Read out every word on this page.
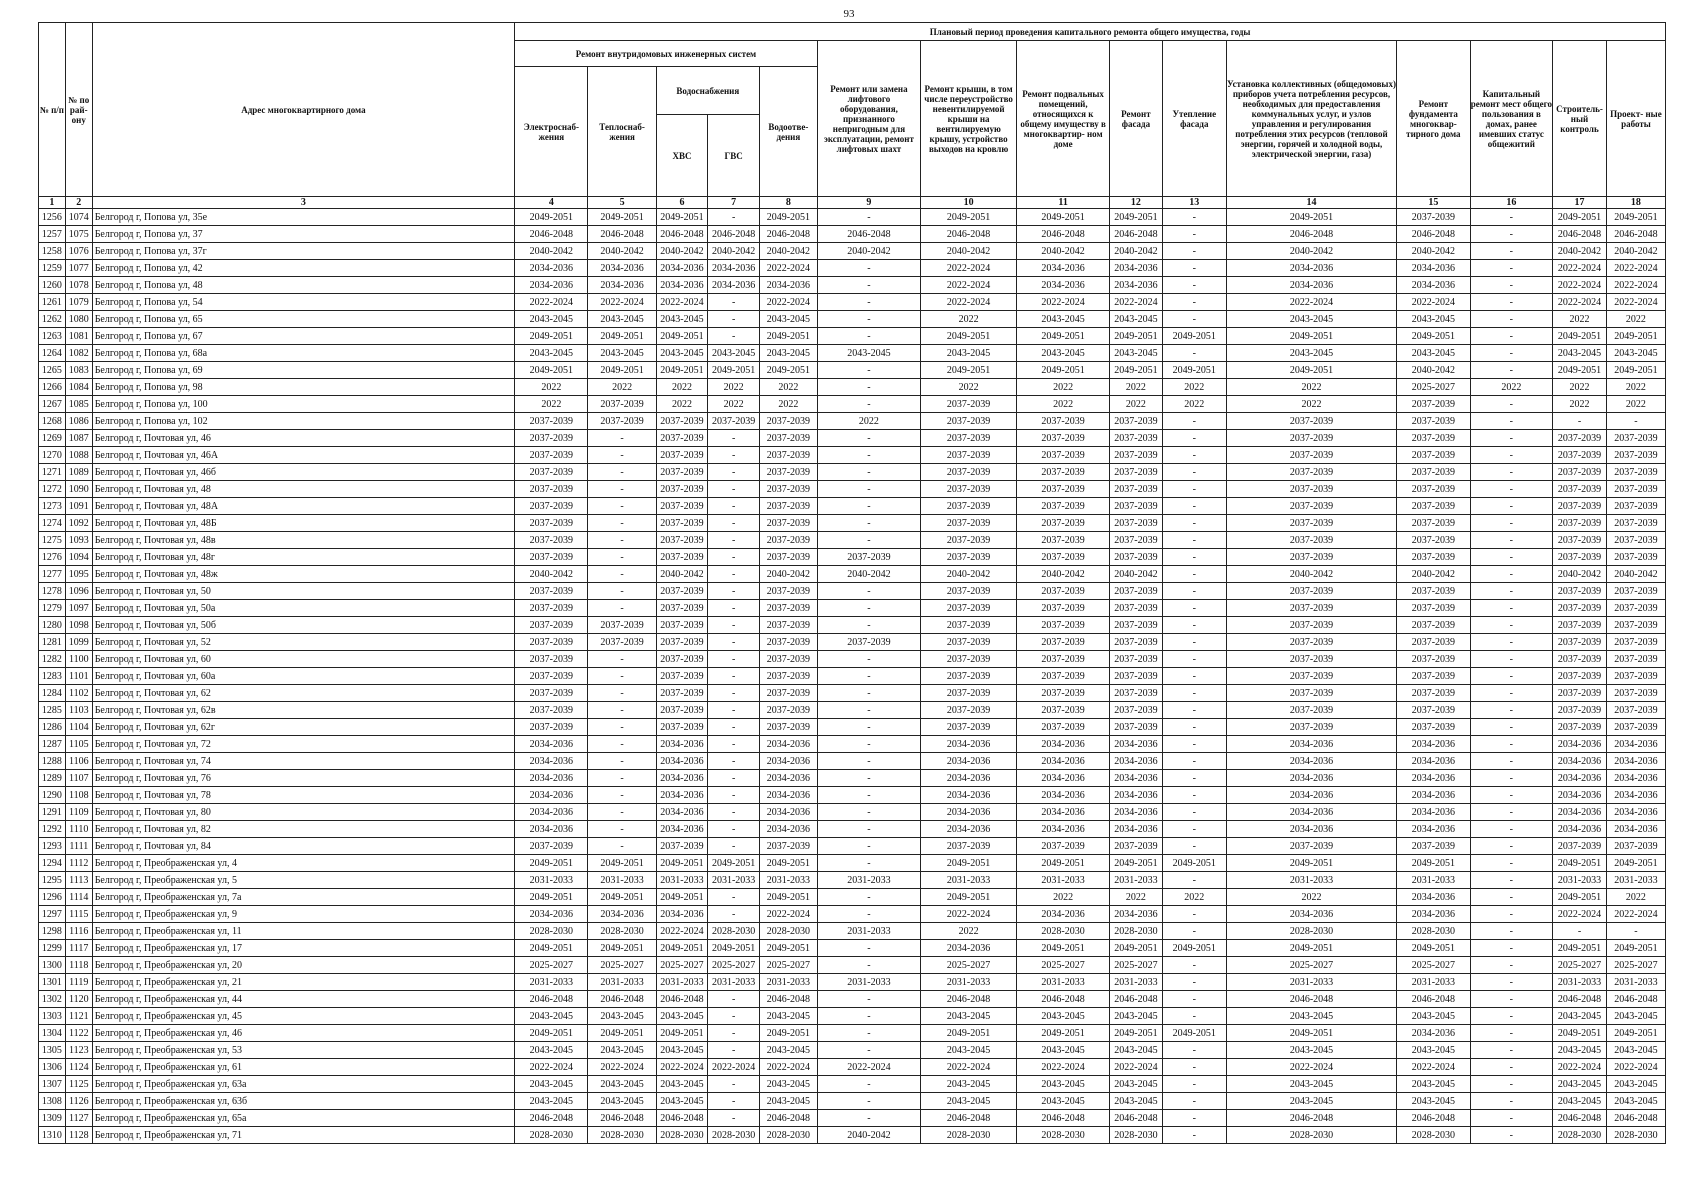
93
№ п/п	№ по рай- ону	Адрес многоквартирного дома	Плановый период проведения капитального ремонта общего имущества, годы														
			Ремонт внутридомовых инженерных систем					Ремонт или замена лифтового оборудования, признанного непригодным для эксплуатации, ремонт лифтовых шахт	Ремонт крыши, в том числе переустройство невентилируемой крыши на вентилируемую крышу, устройство выходов на кровлю	Ремонт подвальных помещений, относящихся к общему имуществу в многоквартир- ном доме	Ремонт фасада	Утепление фасада	Установка коллективных (общедомовых) приборов учета потребления ресурсов, необходимых для предоставления коммунальных услуг, и узлов управления и регулирования потребления этих ресурсов (тепловой энергии, горячей и холодной воды, электрической энергии, газа)	Ремонт фундамента многоквар- тирного дома	Капитальный ремонт мест общего пользования в домах, ранее имевших статус общежитий	Строитель- ный контроль	Проект- ные работы
			Электроснаб- жения	Теплоснаб- жения	Водоснабжения		Водоотве- дения										
					ХВС	ГВС											
1	2	3	4	5	6	7	8	9	10	11	12	13	14	15	16	17	18
1256	1074	Белгород г, Попова ул, 35е	2049-2051	2049-2051	2049-2051	-	2049-2051	-	2049-2051	2049-2051	2049-2051	-	2049-2051	2037-2039	-	2049-2051	2049-2051
1257	1075	Белгород г, Попова ул, 37	2046-2048	2046-2048	2046-2048	2046-2048	2046-2048	2046-2048	2046-2048	2046-2048	2046-2048	-	2046-2048	2046-2048	-	2046-2048	2046-2048
1258	1076	Белгород г, Попова ул, 37г	2040-2042	2040-2042	2040-2042	2040-2042	2040-2042	2040-2042	2040-2042	2040-2042	2040-2042	-	2040-2042	2040-2042	-	2040-2042	2040-2042
1259	1077	Белгород г, Попова ул, 42	2034-2036	2034-2036	2034-2036	2034-2036	2022-2024	-	2022-2024	2034-2036	2034-2036	-	2034-2036	2034-2036	-	2022-2024	2022-2024
1260	1078	Белгород г, Попова ул, 48	2034-2036	2034-2036	2034-2036	2034-2036	2034-2036	-	2022-2024	2034-2036	2034-2036	-	2034-2036	2034-2036	-	2022-2024	2022-2024
1261	1079	Белгород г, Попова ул, 54	2022-2024	2022-2024	2022-2024	-	2022-2024	-	2022-2024	2022-2024	2022-2024	-	2022-2024	2022-2024	-	2022-2024	2022-2024
1262	1080	Белгород г, Попова ул, 65	2043-2045	2043-2045	2043-2045	-	2043-2045	-	2022	2043-2045	2043-2045	-	2043-2045	2043-2045	-	2022	2022
1263	1081	Белгород г, Попова ул, 67	2049-2051	2049-2051	2049-2051	-	2049-2051	-	2049-2051	2049-2051	2049-2051	2049-2051	2049-2051	2049-2051	-	2049-2051	2049-2051
1264	1082	Белгород г, Попова ул, 68а	2043-2045	2043-2045	2043-2045	2043-2045	2043-2045	2043-2045	2043-2045	2043-2045	2043-2045	-	2043-2045	2043-2045	-	2043-2045	2043-2045
1265	1083	Белгород г, Попова ул, 69	2049-2051	2049-2051	2049-2051	2049-2051	2049-2051	-	2049-2051	2049-2051	2049-2051	2049-2051	2049-2051	2040-2042	-	2049-2051	2049-2051
1266	1084	Белгород г, Попова ул, 98	2022	2022	2022	2022	2022	-	2022	2022	2022	2022	2022	2025-2027	2022	2022	2022
1267	1085	Белгород г, Попова ул, 100	2022	2037-2039	2022	2022	2022	-	2037-2039	2022	2022	2022	2022	2037-2039	-	2022	2022
1268	1086	Белгород г, Попова ул, 102	2037-2039	2037-2039	2037-2039	2037-2039	2037-2039	2022	2037-2039	2037-2039	2037-2039	-	2037-2039	2037-2039	-	-	-
1269	1087	Белгород г, Почтовая ул, 46	2037-2039	-	2037-2039	-	2037-2039	-	2037-2039	2037-2039	2037-2039	-	2037-2039	2037-2039	-	2037-2039	2037-2039
1270	1088	Белгород г, Почтовая ул, 46А	2037-2039	-	2037-2039	-	2037-2039	-	2037-2039	2037-2039	2037-2039	-	2037-2039	2037-2039	-	2037-2039	2037-2039
1271	1089	Белгород г, Почтовая ул, 46б	2037-2039	-	2037-2039	-	2037-2039	-	2037-2039	2037-2039	2037-2039	-	2037-2039	2037-2039	-	2037-2039	2037-2039
1272	1090	Белгород г, Почтовая ул, 48	2037-2039	-	2037-2039	-	2037-2039	-	2037-2039	2037-2039	2037-2039	-	2037-2039	2037-2039	-	2037-2039	2037-2039
1273	1091	Белгород г, Почтовая ул, 48А	2037-2039	-	2037-2039	-	2037-2039	-	2037-2039	2037-2039	2037-2039	-	2037-2039	2037-2039	-	2037-2039	2037-2039
1274	1092	Белгород г, Почтовая ул, 48Б	2037-2039	-	2037-2039	-	2037-2039	-	2037-2039	2037-2039	2037-2039	-	2037-2039	2037-2039	-	2037-2039	2037-2039
1275	1093	Белгород г, Почтовая ул, 48в	2037-2039	-	2037-2039	-	2037-2039	-	2037-2039	2037-2039	2037-2039	-	2037-2039	2037-2039	-	2037-2039	2037-2039
1276	1094	Белгород г, Почтовая ул, 48г	2037-2039	-	2037-2039	-	2037-2039	2037-2039	2037-2039	2037-2039	2037-2039	-	2037-2039	2037-2039	-	2037-2039	2037-2039
1277	1095	Белгород г, Почтовая ул, 48ж	2040-2042	-	2040-2042	-	2040-2042	2040-2042	2040-2042	2040-2042	2040-2042	-	2040-2042	2040-2042	-	2040-2042	2040-2042
1278	1096	Белгород г, Почтовая ул, 50	2037-2039	-	2037-2039	-	2037-2039	-	2037-2039	2037-2039	2037-2039	-	2037-2039	2037-2039	-	2037-2039	2037-2039
1279	1097	Белгород г, Почтовая ул, 50а	2037-2039	-	2037-2039	-	2037-2039	-	2037-2039	2037-2039	2037-2039	-	2037-2039	2037-2039	-	2037-2039	2037-2039
1280	1098	Белгород г, Почтовая ул, 50б	2037-2039	2037-2039	2037-2039	-	2037-2039	-	2037-2039	2037-2039	2037-2039	-	2037-2039	2037-2039	-	2037-2039	2037-2039
1281	1099	Белгород г, Почтовая ул, 52	2037-2039	2037-2039	2037-2039	-	2037-2039	2037-2039	2037-2039	2037-2039	2037-2039	-	2037-2039	2037-2039	-	2037-2039	2037-2039
1282	1100	Белгород г, Почтовая ул, 60	2037-2039	-	2037-2039	-	2037-2039	-	2037-2039	2037-2039	2037-2039	-	2037-2039	2037-2039	-	2037-2039	2037-2039
1283	1101	Белгород г, Почтовая ул, 60а	2037-2039	-	2037-2039	-	2037-2039	-	2037-2039	2037-2039	2037-2039	-	2037-2039	2037-2039	-	2037-2039	2037-2039
1284	1102	Белгород г, Почтовая ул, 62	2037-2039	-	2037-2039	-	2037-2039	-	2037-2039	2037-2039	2037-2039	-	2037-2039	2037-2039	-	2037-2039	2037-2039
1285	1103	Белгород г, Почтовая ул, 62в	2037-2039	-	2037-2039	-	2037-2039	-	2037-2039	2037-2039	2037-2039	-	2037-2039	2037-2039	-	2037-2039	2037-2039
1286	1104	Белгород г, Почтовая ул, 62г	2037-2039	-	2037-2039	-	2037-2039	-	2037-2039	2037-2039	2037-2039	-	2037-2039	2037-2039	-	2037-2039	2037-2039
1287	1105	Белгород г, Почтовая ул, 72	2034-2036	-	2034-2036	-	2034-2036	-	2034-2036	2034-2036	2034-2036	-	2034-2036	2034-2036	-	2034-2036	2034-2036
1288	1106	Белгород г, Почтовая ул, 74	2034-2036	-	2034-2036	-	2034-2036	-	2034-2036	2034-2036	2034-2036	-	2034-2036	2034-2036	-	2034-2036	2034-2036
1289	1107	Белгород г, Почтовая ул, 76	2034-2036	-	2034-2036	-	2034-2036	-	2034-2036	2034-2036	2034-2036	-	2034-2036	2034-2036	-	2034-2036	2034-2036
1290	1108	Белгород г, Почтовая ул, 78	2034-2036	-	2034-2036	-	2034-2036	-	2034-2036	2034-2036	2034-2036	-	2034-2036	2034-2036	-	2034-2036	2034-2036
1291	1109	Белгород г, Почтовая ул, 80	2034-2036	-	2034-2036	-	2034-2036	-	2034-2036	2034-2036	2034-2036	-	2034-2036	2034-2036	-	2034-2036	2034-2036
1292	1110	Белгород г, Почтовая ул, 82	2034-2036	-	2034-2036	-	2034-2036	-	2034-2036	2034-2036	2034-2036	-	2034-2036	2034-2036	-	2034-2036	2034-2036
1293	1111	Белгород г, Почтовая ул, 84	2037-2039	-	2037-2039	-	2037-2039	-	2037-2039	2037-2039	2037-2039	-	2037-2039	2037-2039	-	2037-2039	2037-2039
1294	1112	Белгород г, Преображенская ул, 4	2049-2051	2049-2051	2049-2051	2049-2051	2049-2051	-	2049-2051	2049-2051	2049-2051	2049-2051	2049-2051	2049-2051	-	2049-2051	2049-2051
1295	1113	Белгород г, Преображенская ул, 5	2031-2033	2031-2033	2031-2033	2031-2033	2031-2033	2031-2033	2031-2033	2031-2033	2031-2033	-	2031-2033	2031-2033	-	2031-2033	2031-2033
1296	1114	Белгород г, Преображенская ул, 7а	2049-2051	2049-2051	2049-2051	-	2049-2051	-	2049-2051	2022	2022	2022	2022	2034-2036	-	2049-2051	2022
1297	1115	Белгород г, Преображенская ул, 9	2034-2036	2034-2036	2034-2036	-	2022-2024	-	2022-2024	2034-2036	2034-2036	-	2034-2036	2034-2036	-	2022-2024	2022-2024
1298	1116	Белгород г, Преображенская ул, 11	2028-2030	2028-2030	2022-2024	2028-2030	2028-2030	2031-2033	2022	2028-2030	2028-2030	-	2028-2030	2028-2030	-	-	-
1299	1117	Белгород г, Преображенская ул, 17	2049-2051	2049-2051	2049-2051	2049-2051	2049-2051	-	2034-2036	2049-2051	2049-2051	2049-2051	2049-2051	2049-2051	-	2049-2051	2049-2051
1300	1118	Белгород г, Преображенская ул, 20	2025-2027	2025-2027	2025-2027	2025-2027	2025-2027	-	2025-2027	2025-2027	2025-2027	-	2025-2027	2025-2027	-	2025-2027	2025-2027
1301	1119	Белгород г, Преображенская ул, 21	2031-2033	2031-2033	2031-2033	2031-2033	2031-2033	2031-2033	2031-2033	2031-2033	2031-2033	-	2031-2033	2031-2033	-	2031-2033	2031-2033
1302	1120	Белгород г, Преображенская ул, 44	2046-2048	2046-2048	2046-2048	-	2046-2048	-	2046-2048	2046-2048	2046-2048	-	2046-2048	2046-2048	-	2046-2048	2046-2048
1303	1121	Белгород г, Преображенская ул, 45	2043-2045	2043-2045	2043-2045	-	2043-2045	-	2043-2045	2043-2045	2043-2045	-	2043-2045	2043-2045	-	2043-2045	2043-2045
1304	1122	Белгород г, Преображенская ул, 46	2049-2051	2049-2051	2049-2051	-	2049-2051	-	2049-2051	2049-2051	2049-2051	2049-2051	2049-2051	2034-2036	-	2049-2051	2049-2051
1305	1123	Белгород г, Преображенская ул, 53	2043-2045	2043-2045	2043-2045	-	2043-2045	-	2043-2045	2043-2045	2043-2045	-	2043-2045	2043-2045	-	2043-2045	2043-2045
1306	1124	Белгород г, Преображенская ул, 61	2022-2024	2022-2024	2022-2024	2022-2024	2022-2024	2022-2024	2022-2024	2022-2024	2022-2024	-	2022-2024	2022-2024	-	2022-2024	2022-2024
1307	1125	Белгород г, Преображенская ул, 63а	2043-2045	2043-2045	2043-2045	-	2043-2045	-	2043-2045	2043-2045	2043-2045	-	2043-2045	2043-2045	-	2043-2045	2043-2045
1308	1126	Белгород г, Преображенская ул, 63б	2043-2045	2043-2045	2043-2045	-	2043-2045	-	2043-2045	2043-2045	2043-2045	-	2043-2045	2043-2045	-	2043-2045	2043-2045
1309	1127	Белгород г, Преображенская ул, 65а	2046-2048	2046-2048	2046-2048	-	2046-2048	-	2046-2048	2046-2048	2046-2048	-	2046-2048	2046-2048	-	2046-2048	2046-2048
1310	1128	Белгород г, Преображенская ул, 71	2028-2030	2028-2030	2028-2030	2028-2030	2028-2030	2040-2042	2028-2030	2028-2030	2028-2030	-	2028-2030	2028-2030	-	2028-2030	2028-2030
